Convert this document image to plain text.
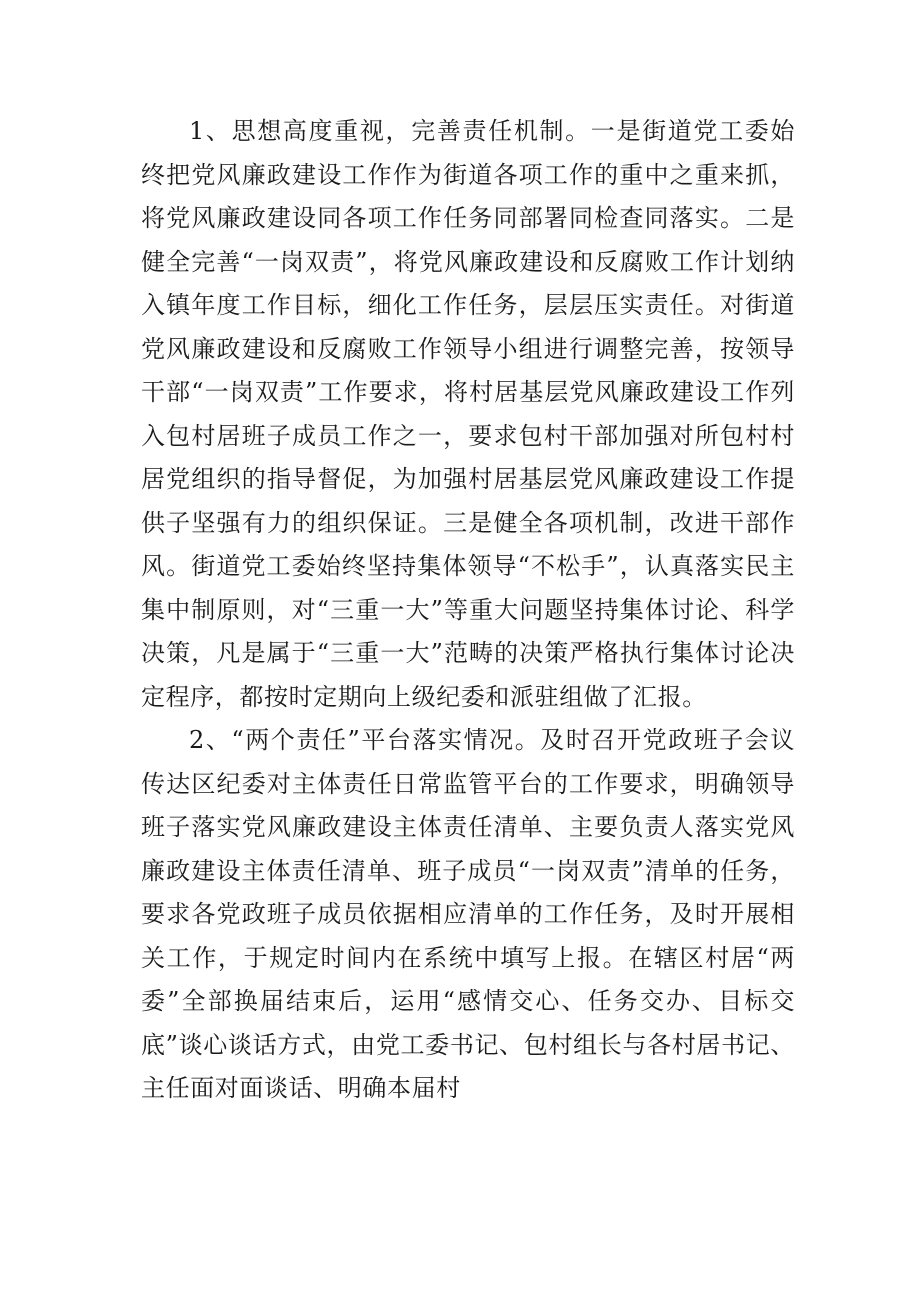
1、思想高度重视，完善责任机制。一是街道党工委始终把党风廉政建设工作作为街道各项工作的重中之重来抓，将党风廉政建设同各项工作任务同部署同检查同落实。二是健全完善“一岗双责”，将党风廉政建设和反腐败工作计划纳入镇年度工作目标，细化工作任务，层层压实责任。对街道党风廉政建设和反腐败工作领导小组进行调整完善，按领导干部“一岗双责”工作要求，将村居基层党风廉政建设工作列入包村居班子成员工作之一，要求包村干部加强对所包村村居党组织的指导督促，为加强村居基层党风廉政建设工作提供子坚强有力的组织保证。三是健全各项机制，改进干部作风。街道党工委始终坚持集体领导“不松手”，认真落实民主集中制原则，对“三重一大”等重大问题坚持集体讨论、科学决策，凡是属于“三重一大”范畴的决策严格执行集体讨论决定程序，都按时定期向上级纪委和派驻组做了汇报。

2、“两个责任”平台落实情况。及时召开党政班子会议传达区纪委对主体责任日常监管平台的工作要求，明确领导班子落实党风廉政建设主体责任清单、主要负责人落实党风廉政建设主体责任清单、班子成员“一岗双责”清单的任务，要求各党政班子成员依据相应清单的工作任务，及时开展相关工作，于规定时间内在系统中填写上报。在辖区村居“两委”全部换届结束后，运用“感情交心、任务交办、目标交底”谈心谈话方式，由党工委书记、包村组长与各村居书记、主任面对面谈话、明确本届村
